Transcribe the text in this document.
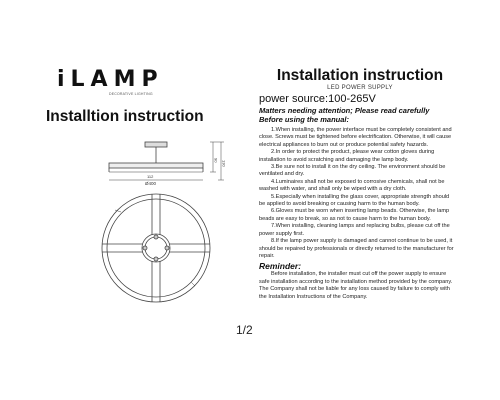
iLAMP
DECORATIVE LIGHTING
Installtion instruction
90 130
112
Ø400
1/2
Installation instruction
LED POWER SUPPLY
power source:100-265V
Matters needing attention; Please read carefully Before using the manual:

1.When installing, the power interface must be completely consistent and close. Screws must be tightened before electrification. Otherwise, it will cause electrical appliances to burn out or produce potential safety hazards.

2.In order to protect the product, please wear cotton gloves during installation to avoid scratching and damaging the lamp body.

3.Be sure not to install it on the dry ceiling. The environment should be ventilated and dry.

4.Luminaires shall not be exposed to corrosive chemicals, shall not be washed with water, and shall only be wiped with a dry cloth.

5.Especially when installing the glass cover, appropriate strength should be applied to avoid breaking or causing harm to the human body.

6.Gloves must be worn when inserting lamp beads. Otherwise, the lamp beads are easy to break, so as not to cause harm to the human body.

7.When installing, cleaning lamps and replacing bulbs, please cut off the power supply first.

8.If the lamp power supply is damaged and cannot continue to be used, it should be repaired by professionals or directly returned to the manufacturer for repair.

Reminder:

Before installation, the installer must cut off the power supply to ensure safe installation according to the installation method provided by the company. The Company shall not be liable for any loss caused by failure to comply with the Installation Instructions of the Company.
